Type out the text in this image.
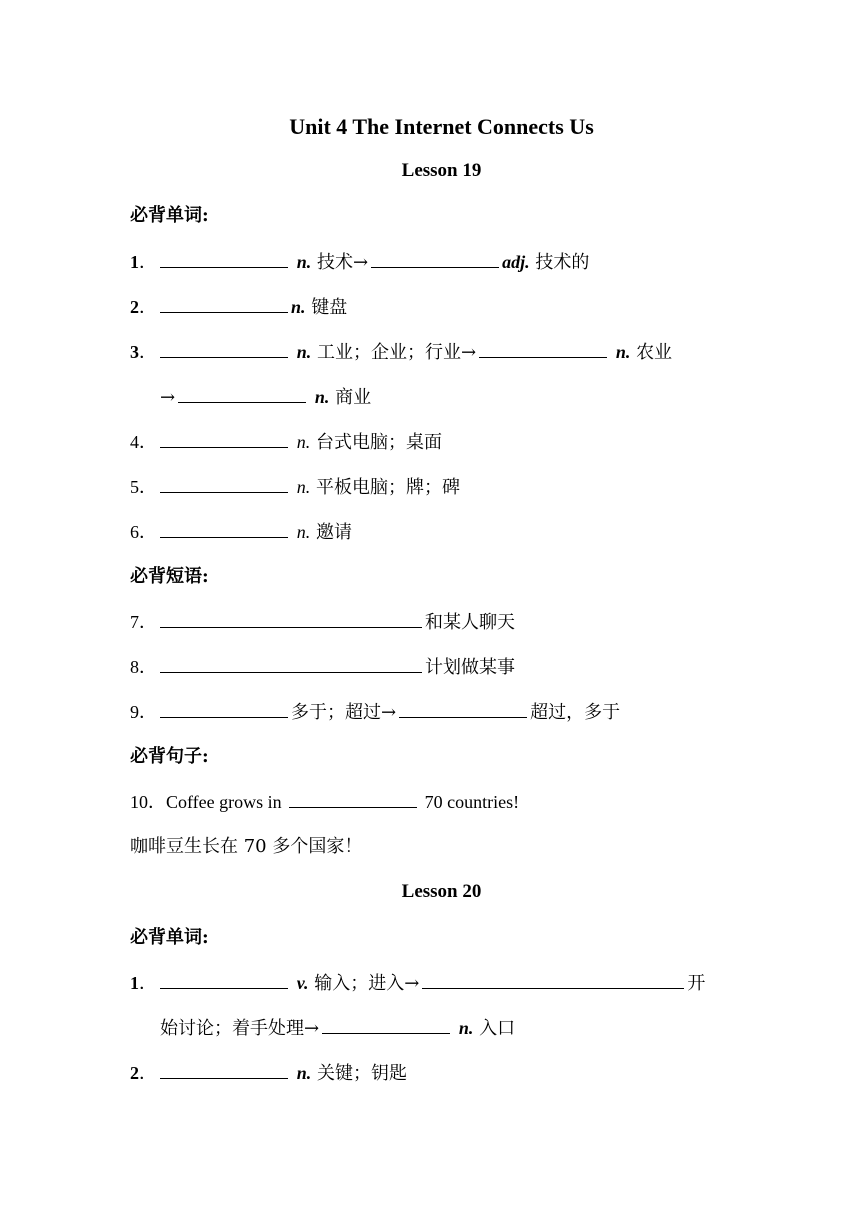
Unit 4 The Internet Connects Us
Lesson 19
必背单词:
1．	n. 技术→	adj. 技术的
2．	n. 键盘
3．	n. 工业；企业；行业→	n. 农业
→	n. 商业
4．	n. 台式电脑；桌面
5．	n. 平板电脑；牌；碑
6．	n. 邀请
必背短语:
7．	和某人聊天
8．	计划做某事
9．	多于；超过→	超过，多于
必背句子:
10．Coffee grows in	70 countries!
咖啡豆生长在 70 多个国家！
Lesson 20
必背单词:
1．	v. 输入；进入→	开
始讨论；着手处理→	n. 入口
2．	n. 关键；钥匙
